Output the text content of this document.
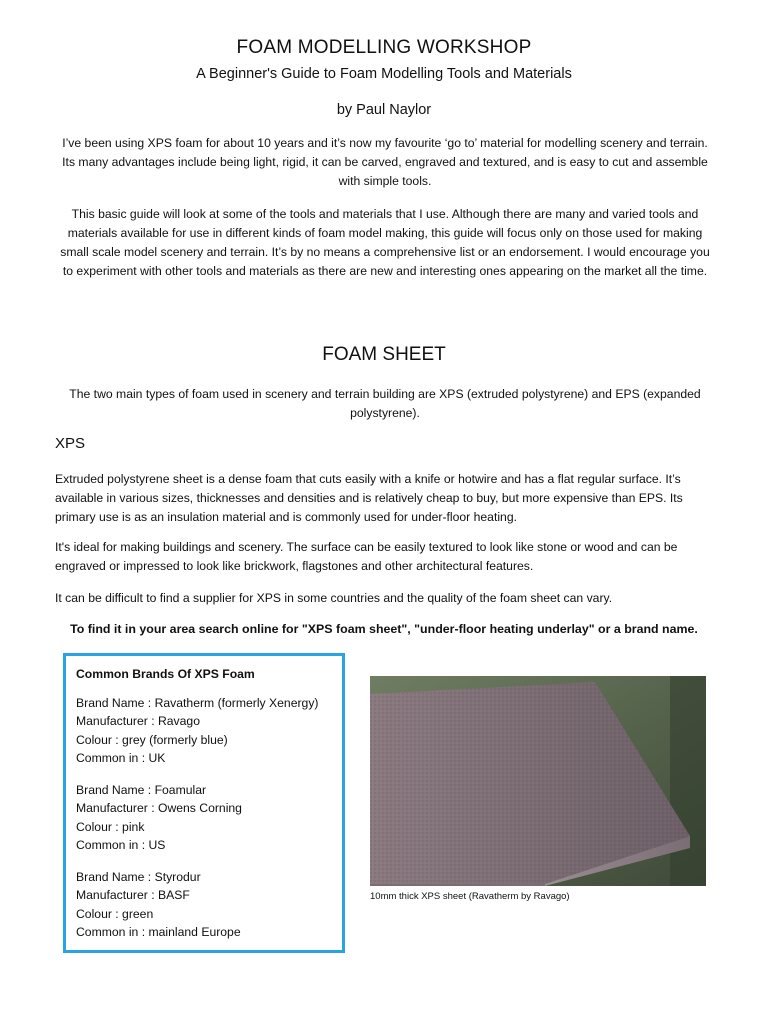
FOAM MODELLING WORKSHOP
A Beginner's Guide to Foam Modelling Tools and Materials
by Paul Naylor
I’ve been using XPS foam for about 10 years and it’s now my favourite ‘go to’ material for modelling scenery and terrain. Its many advantages include being light, rigid, it can be carved, engraved and textured, and is easy to cut and assemble with simple tools.
This basic guide will look at some of the tools and materials that I use. Although there are many and varied tools and materials available for use in different kinds of foam model making, this guide will focus only on those used for making small scale model scenery and terrain. It’s by no means a comprehensive list or an endorsement. I would encourage you to experiment with other tools and materials as there are new and interesting ones appearing on the market all the time.
FOAM SHEET
The two main types of foam used in scenery and terrain building are XPS (extruded polystyrene) and EPS (expanded polystyrene).
XPS
Extruded polystyrene sheet is a dense foam that cuts easily with a knife or hotwire and has a flat regular surface. It’s available in various sizes, thicknesses and densities and is relatively cheap to buy, but more expensive than EPS. Its primary use is as an insulation material and is commonly used for under-floor heating.
It's ideal for making buildings and scenery. The surface can be easily textured to look like stone or wood and can be engraved or impressed to look like brickwork, flagstones and other architectural features.
It can be difficult to find a supplier for XPS in some countries and the quality of the foam sheet can vary.
To find it in your area search online for "XPS foam sheet", "under-floor heating underlay" or a brand name.
Common Brands Of XPS Foam
Brand Name : Ravatherm (formerly Xenergy)
Manufacturer : Ravago
Colour : grey (formerly blue)
Common in : UK
Brand Name : Foamular
Manufacturer : Owens Corning
Colour : pink
Common in : US
Brand Name : Styrodur
Manufacturer : BASF
Colour : green
Common in : mainland Europe
10mm thick XPS sheet (Ravatherm by Ravago)
